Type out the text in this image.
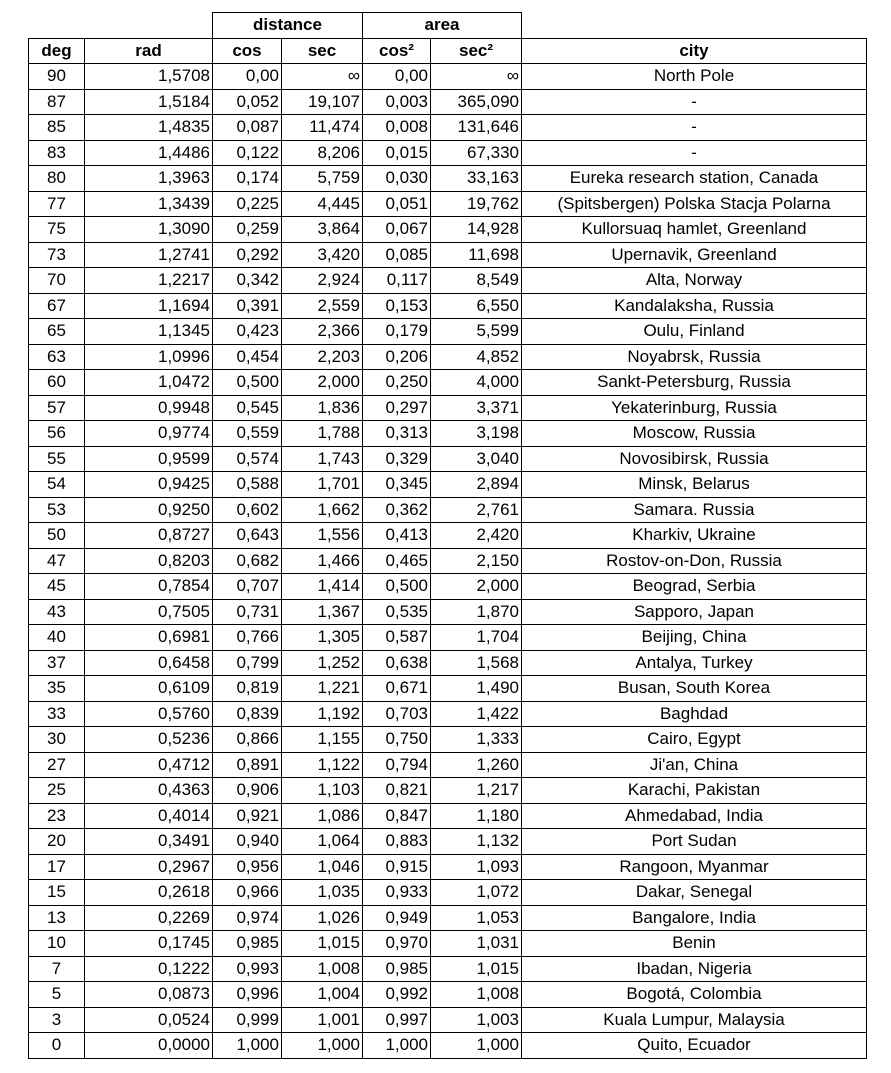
		distance		area		
deg	rad	cos	sec	cos²	sec²	city
90	1,5708	0,00	∞	0,00	∞	North Pole
87	1,5184	0,052	19,107	0,003	365,090	-
85	1,4835	0,087	11,474	0,008	131,646	-
83	1,4486	0,122	8,206	0,015	67,330	-
80	1,3963	0,174	5,759	0,030	33,163	Eureka research station, Canada
77	1,3439	0,225	4,445	0,051	19,762	(Spitsbergen) Polska Stacja Polarna
75	1,3090	0,259	3,864	0,067	14,928	Kullorsuaq hamlet, Greenland
73	1,2741	0,292	3,420	0,085	11,698	Upernavik, Greenland
70	1,2217	0,342	2,924	0,117	8,549	Alta, Norway
67	1,1694	0,391	2,559	0,153	6,550	Kandalaksha, Russia
65	1,1345	0,423	2,366	0,179	5,599	Oulu, Finland
63	1,0996	0,454	2,203	0,206	4,852	Noyabrsk, Russia
60	1,0472	0,500	2,000	0,250	4,000	Sankt-Petersburg, Russia
57	0,9948	0,545	1,836	0,297	3,371	Yekaterinburg, Russia
56	0,9774	0,559	1,788	0,313	3,198	Moscow, Russia
55	0,9599	0,574	1,743	0,329	3,040	Novosibirsk, Russia
54	0,9425	0,588	1,701	0,345	2,894	Minsk, Belarus
53	0,9250	0,602	1,662	0,362	2,761	Samara. Russia
50	0,8727	0,643	1,556	0,413	2,420	Kharkiv, Ukraine
47	0,8203	0,682	1,466	0,465	2,150	Rostov-on-Don, Russia
45	0,7854	0,707	1,414	0,500	2,000	Beograd, Serbia
43	0,7505	0,731	1,367	0,535	1,870	Sapporo, Japan
40	0,6981	0,766	1,305	0,587	1,704	Beijing, China
37	0,6458	0,799	1,252	0,638	1,568	Antalya, Turkey
35	0,6109	0,819	1,221	0,671	1,490	Busan, South Korea
33	0,5760	0,839	1,192	0,703	1,422	Baghdad
30	0,5236	0,866	1,155	0,750	1,333	Cairo, Egypt
27	0,4712	0,891	1,122	0,794	1,260	Ji'an, China
25	0,4363	0,906	1,103	0,821	1,217	Karachi, Pakistan
23	0,4014	0,921	1,086	0,847	1,180	Ahmedabad, India
20	0,3491	0,940	1,064	0,883	1,132	Port Sudan
17	0,2967	0,956	1,046	0,915	1,093	Rangoon, Myanmar
15	0,2618	0,966	1,035	0,933	1,072	Dakar, Senegal
13	0,2269	0,974	1,026	0,949	1,053	Bangalore, India
10	0,1745	0,985	1,015	0,970	1,031	Benin
7	0,1222	0,993	1,008	0,985	1,015	Ibadan, Nigeria
5	0,0873	0,996	1,004	0,992	1,008	Bogotá, Colombia
3	0,0524	0,999	1,001	0,997	1,003	Kuala Lumpur, Malaysia
0	0,0000	1,000	1,000	1,000	1,000	Quito, Ecuador
